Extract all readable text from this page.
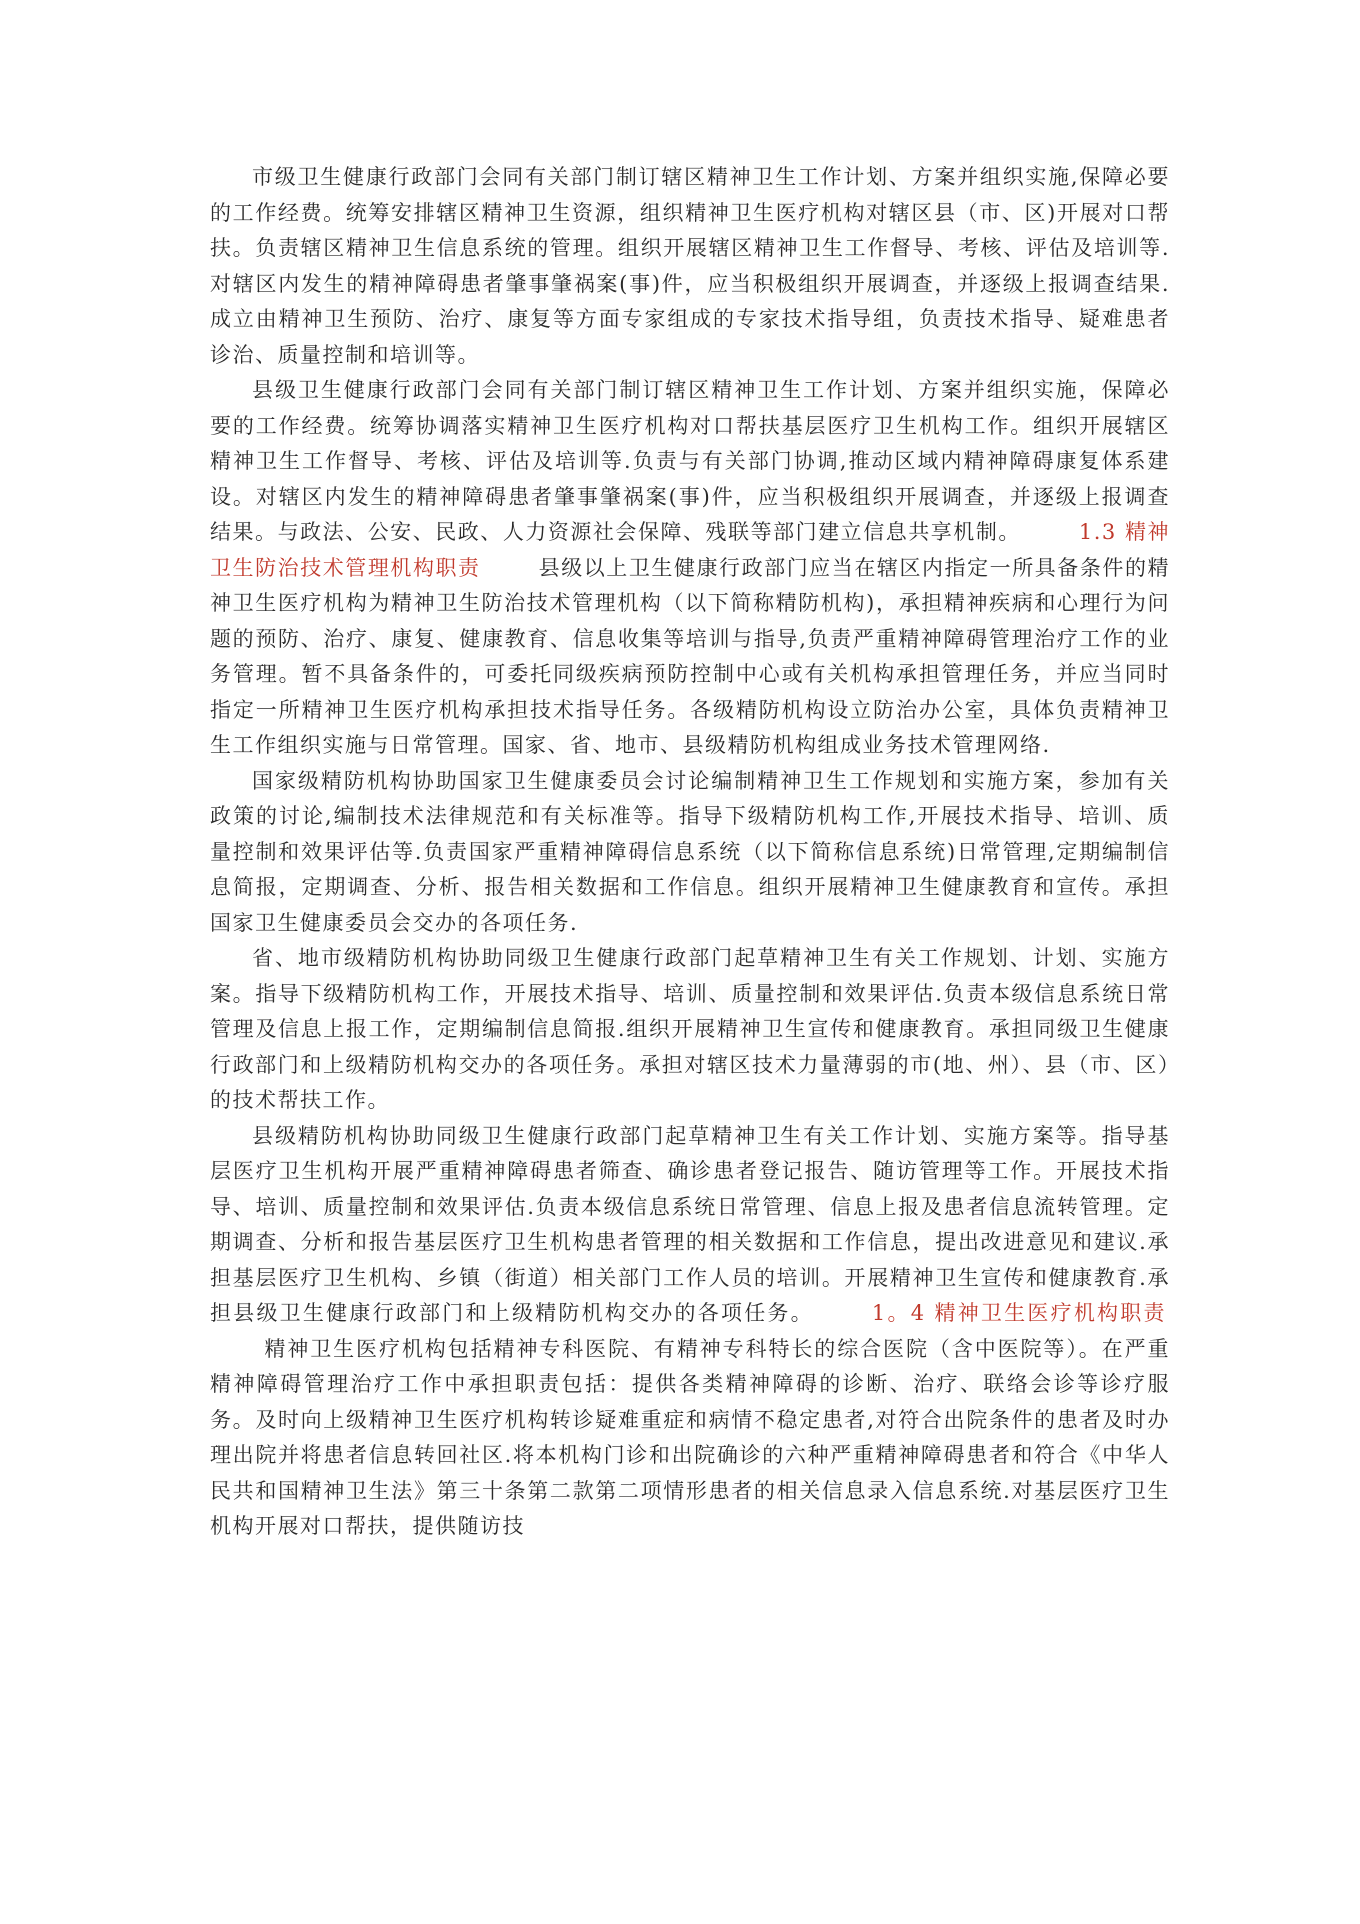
市级卫生健康行政部门会同有关部门制订辖区精神卫生工作计划、方案并组织实施,保障必要的工作经费。统筹安排辖区精神卫生资源，组织精神卫生医疗机构对辖区县（市、区)开展对口帮扶。负责辖区精神卫生信息系统的管理。组织开展辖区精神卫生工作督导、考核、评估及培训等.对辖区内发生的精神障碍患者肇事肇祸案(事)件，应当积极组织开展调查，并逐级上报调查结果.成立由精神卫生预防、治疗、康复等方面专家组成的专家技术指导组，负责技术指导、疑难患者诊治、质量控制和培训等。

县级卫生健康行政部门会同有关部门制订辖区精神卫生工作计划、方案并组织实施，保障必要的工作经费。统筹协调落实精神卫生医疗机构对口帮扶基层医疗卫生机构工作。组织开展辖区精神卫生工作督导、考核、评估及培训等.负责与有关部门协调,推动区域内精神障碍康复体系建设。对辖区内发生的精神障碍患者肇事肇祸案(事)件，应当积极组织开展调查，并逐级上报调查结果。与政法、公安、民政、人力资源社会保障、残联等部门建立信息共享机制。	1.3 精神卫生防治技术管理机构职责	县级以上卫生健康行政部门应当在辖区内指定一所具备条件的精神卫生医疗机构为精神卫生防治技术管理机构（以下简称精防机构)，承担精神疾病和心理行为问题的预防、治疗、康复、健康教育、信息收集等培训与指导,负责严重精神障碍管理治疗工作的业务管理。暂不具备条件的，可委托同级疾病预防控制中心或有关机构承担管理任务，并应当同时指定一所精神卫生医疗机构承担技术指导任务。各级精防机构设立防治办公室，具体负责精神卫生工作组织实施与日常管理。国家、省、地市、县级精防机构组成业务技术管理网络.

国家级精防机构协助国家卫生健康委员会讨论编制精神卫生工作规划和实施方案，参加有关政策的讨论,编制技术法律规范和有关标准等。指导下级精防机构工作,开展技术指导、培训、质量控制和效果评估等.负责国家严重精神障碍信息系统（以下简称信息系统)日常管理,定期编制信息简报，定期调查、分析、报告相关数据和工作信息。组织开展精神卫生健康教育和宣传。承担国家卫生健康委员会交办的各项任务.

省、地市级精防机构协助同级卫生健康行政部门起草精神卫生有关工作规划、计划、实施方案。指导下级精防机构工作，开展技术指导、培训、质量控制和效果评估.负责本级信息系统日常管理及信息上报工作，定期编制信息简报.组织开展精神卫生宣传和健康教育。承担同级卫生健康行政部门和上级精防机构交办的各项任务。承担对辖区技术力量薄弱的市(地、州）、县（市、区）的技术帮扶工作。

县级精防机构协助同级卫生健康行政部门起草精神卫生有关工作计划、实施方案等。指导基层医疗卫生机构开展严重精神障碍患者筛查、确诊患者登记报告、随访管理等工作。开展技术指导、培训、质量控制和效果评估.负责本级信息系统日常管理、信息上报及患者信息流转管理。定期调查、分析和报告基层医疗卫生机构患者管理的相关数据和工作信息，提出改进意见和建议.承担基层医疗卫生机构、乡镇（街道）相关部门工作人员的培训。开展精神卫生宣传和健康教育.承担县级卫生健康行政部门和上级精防机构交办的各项任务。	1。4 精神卫生医疗机构职责精神卫生医疗机构包括精神专科医院、有精神专科特长的综合医院（含中医院等）。在严重精神障碍管理治疗工作中承担职责包括：提供各类精神障碍的诊断、治疗、联络会诊等诊疗服务。及时向上级精神卫生医疗机构转诊疑难重症和病情不稳定患者,对符合出院条件的患者及时办理出院并将患者信息转回社区.将本机构门诊和出院确诊的六种严重精神障碍患者和符合《中华人民共和国精神卫生法》第三十条第二款第二项情形患者的相关信息录入信息系统.对基层医疗卫生机构开展对口帮扶，提供随访技
